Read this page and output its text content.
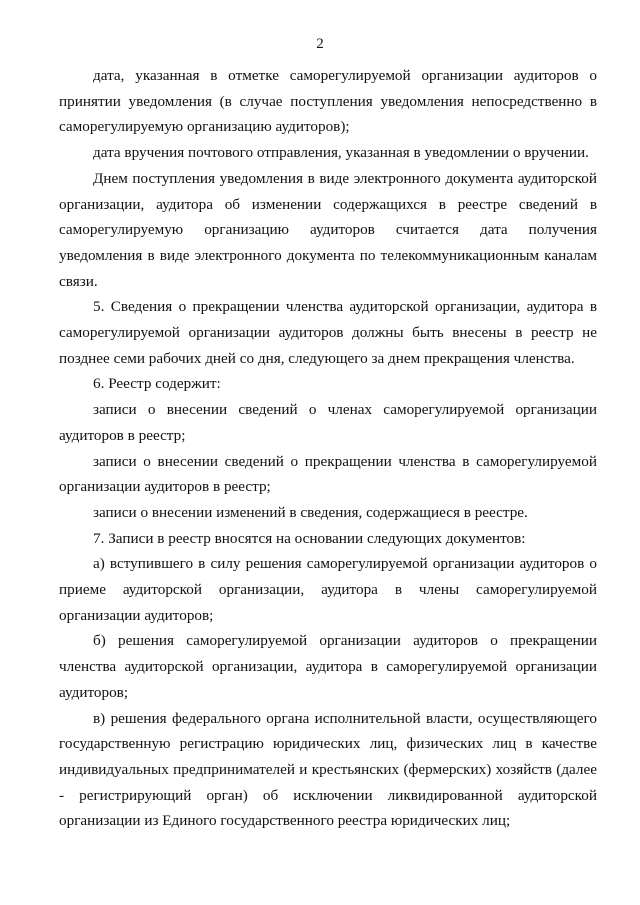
2

дата, указанная в отметке саморегулируемой организации аудиторов о принятии уведомления (в случае поступления уведомления непосредственно в саморегулируемую организацию аудиторов);

дата вручения почтового отправления, указанная в уведомлении о вручении.

Днем поступления уведомления в виде электронного документа аудиторской организации, аудитора об изменении содержащихся в реестре сведений в саморегулируемую организацию аудиторов считается дата получения уведомления в виде электронного документа по телекоммуникационным каналам связи.

5. Сведения о прекращении членства аудиторской организации, аудитора в саморегулируемой организации аудиторов должны быть внесены в реестр не позднее семи рабочих дней со дня, следующего за днем прекращения членства.

6. Реестр содержит:

записи о внесении сведений о членах саморегулируемой организации аудиторов в реестр;

записи о внесении сведений о прекращении членства в саморегулируемой организации аудиторов в реестр;

записи о внесении изменений в сведения, содержащиеся в реестре.

7. Записи в реестр вносятся на основании следующих документов:

а) вступившего в силу решения саморегулируемой организации аудиторов о приеме аудиторской организации, аудитора в члены саморегулируемой организации аудиторов;

б) решения саморегулируемой организации аудиторов о прекращении членства аудиторской организации, аудитора в саморегулируемой организации аудиторов;

в) решения федерального органа исполнительной власти, осуществляющего государственную регистрацию юридических лиц, физических лиц в качестве индивидуальных предпринимателей и крестьянских (фермерских) хозяйств (далее - регистрирующий орган) об исключении ликвидированной аудиторской организации из Единого государственного реестра юридических лиц;
